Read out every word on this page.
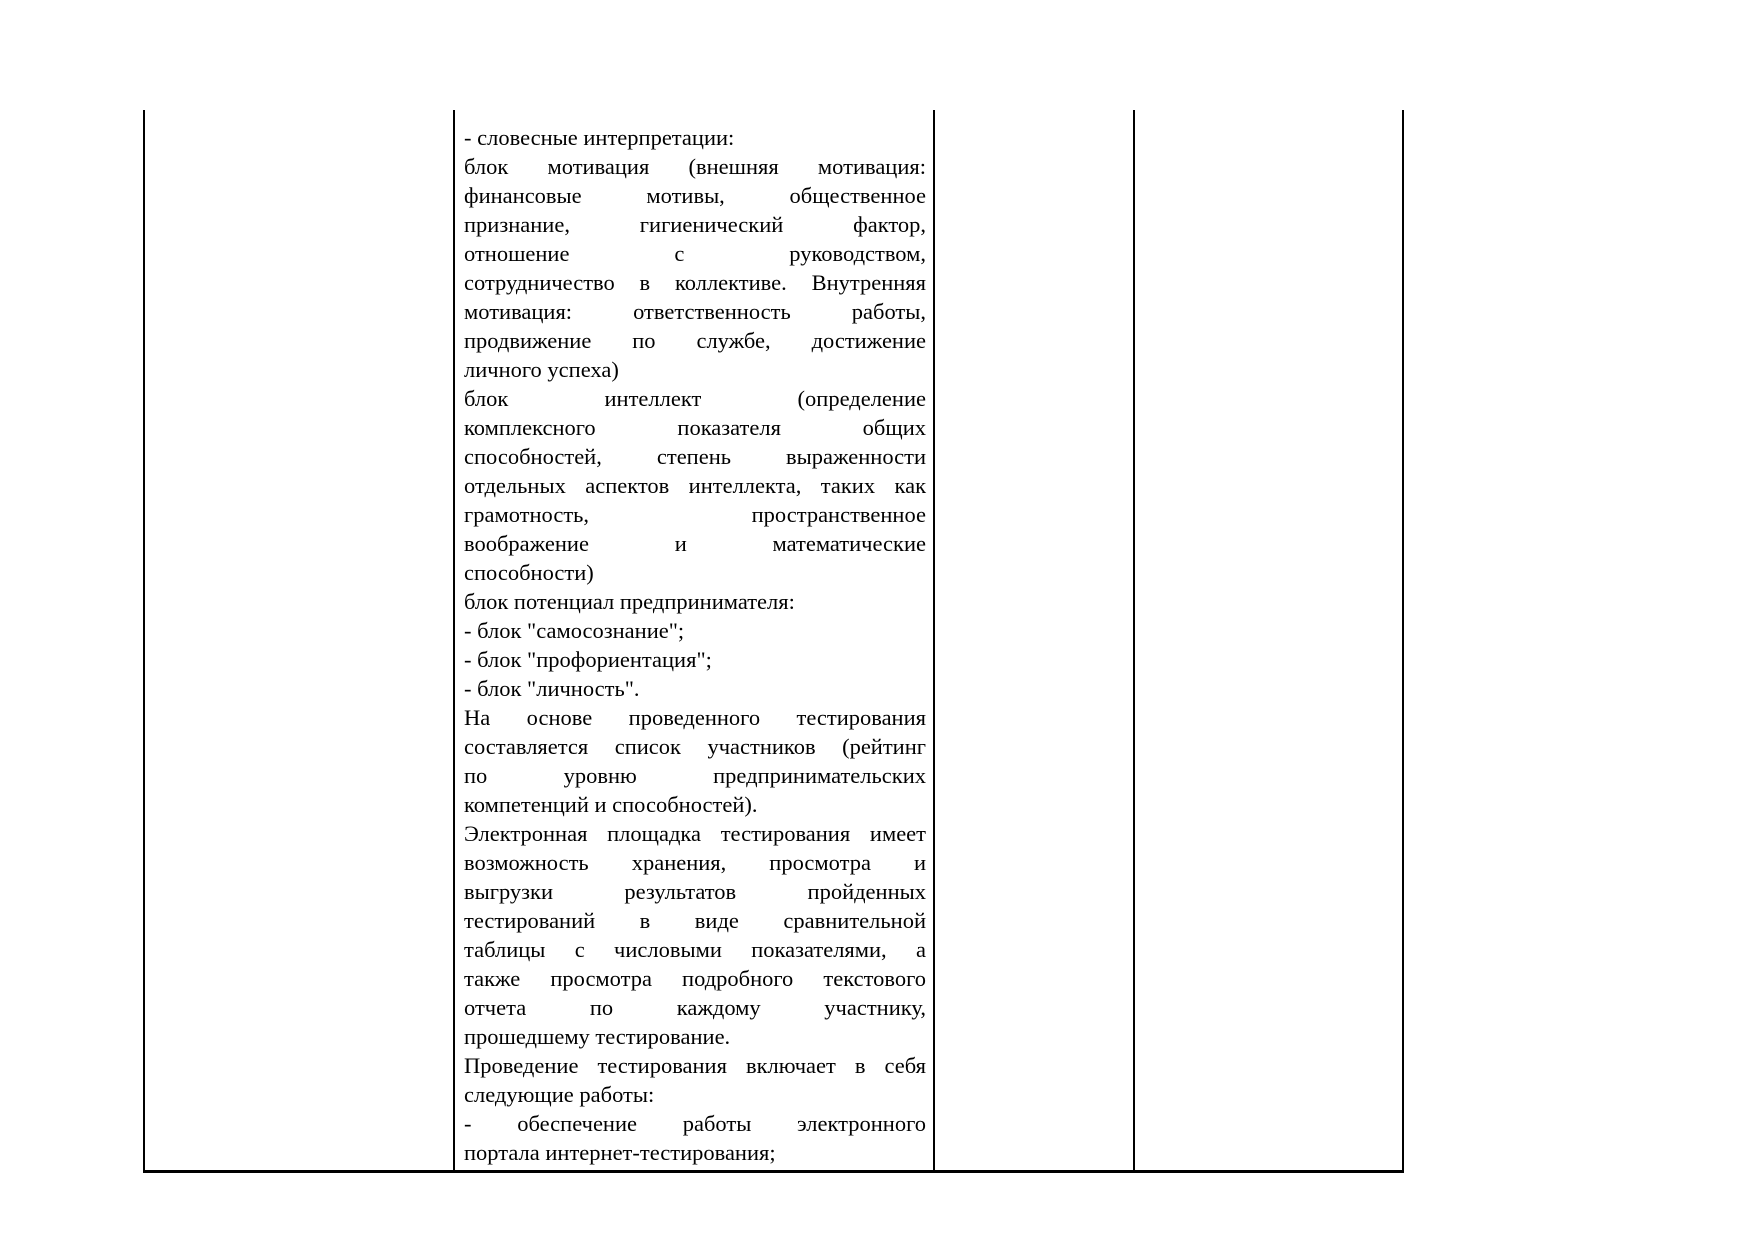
- словесные интерпретации:
блок мотивация (внешняя мотивация:
финансовые мотивы, общественное
признание, гигиенический фактор,
отношение с руководством,
сотрудничество в коллективе. Внутренняя
мотивация: ответственность работы,
продвижение по службе, достижение
личного успеха)
блок интеллект (определение
комплексного показателя общих
способностей, степень выраженности
отдельных аспектов интеллекта, таких как
грамотность, пространственное
воображение и математические
способности)
блок потенциал предпринимателя:
- блок "самосознание";
- блок "профориентация";
- блок "личность".
На основе проведенного тестирования
составляется список участников (рейтинг
по уровню предпринимательских
компетенций и способностей).
Электронная площадка тестирования имеет
возможность хранения, просмотра и
выгрузки результатов пройденных
тестирований в виде сравнительной
таблицы с числовыми показателями, а
также просмотра подробного текстового
отчета по каждому участнику,
прошедшему тестирование.
Проведение тестирования включает в себя
следующие работы:
- обеспечение работы электронного
портала интернет-тестирования;
